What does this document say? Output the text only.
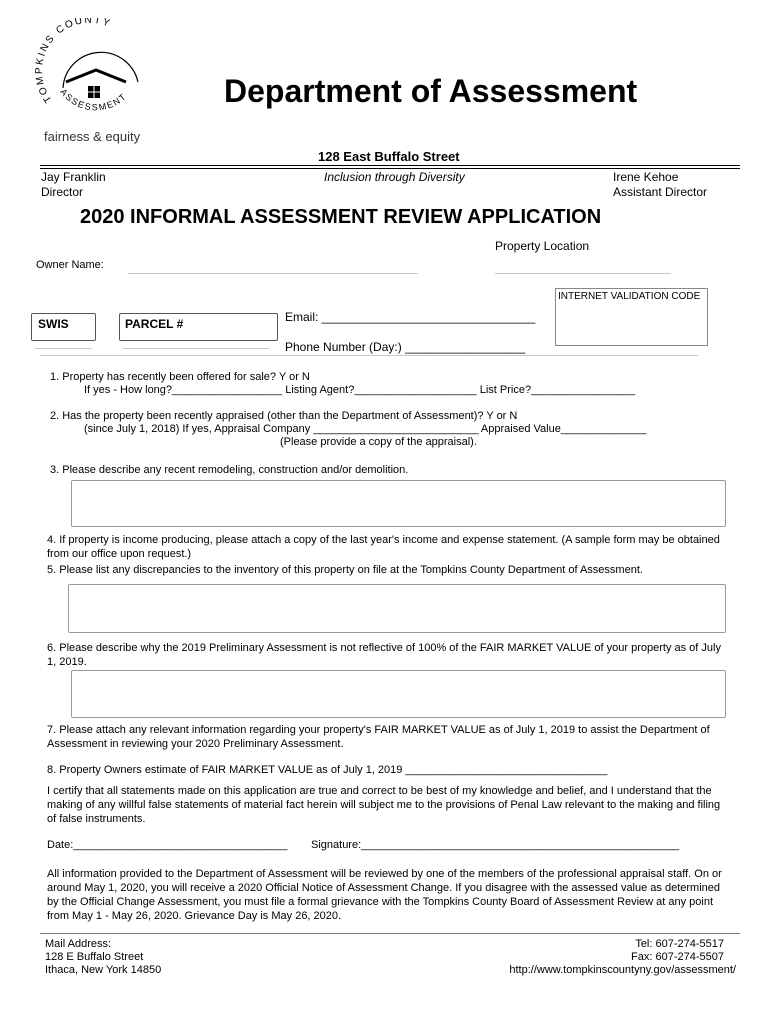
TOMPKINS COUNTY
ASSESSMENT
fairness & equity
Department of Assessment
128 East Buffalo Street
Jay Franklin
Director
Inclusion through Diversity	Irene Kehoe
Assistant Director
2020 INFORMAL ASSESSMENT REVIEW APPLICATION
Property Location
Owner Name:
INTERNET VALIDATION CODE
SWIS	PARCEL #	Email: ________________________________
Phone Number (Day:) __________________
1. Property has recently been offered for sale? Y or N
If yes - How long?__________________ Listing Agent?____________________ List Price?_________________
2. Has the property been recently appraised (other than the Department of Assessment)? Y or N
(since July 1, 2018) If yes, Appraisal Company ___________________________ Appraised Value______________
(Please provide a copy of the appraisal).
3. Please describe any recent remodeling, construction and/or demolition.
4. If property is income producing, please attach a copy of the last year's income and expense statement. (A sample form may be obtained from our office upon request.)
5. Please list any discrepancies to the inventory of this property on file at the Tompkins County Department of Assessment.
6. Please describe why the 2019 Preliminary Assessment is not reflective of 100% of the FAIR MARKET VALUE of your property as of July 1, 2019.
7. Please attach any relevant information regarding your property's FAIR MARKET VALUE as of July 1, 2019 to assist the Department of Assessment in reviewing your 2020 Preliminary Assessment.
8. Property Owners estimate of FAIR MARKET VALUE as of July 1, 2019 _________________________________
I certify that all statements made on this application are true and correct to be best of my knowledge and belief, and I understand that the making of any willful false statements of material fact herein will subject me to the provisions of Penal Law relevant to the making and filing of false instruments.
Date:___________________________________ Signature:____________________________________________________
All information provided to the Department of Assessment will be reviewed by one of the members of the professional appraisal staff. On or around May 1, 2020, you will receive a 2020 Official Notice of Assessment Change. If you disagree with the assessed value as determined by the Official Change Assessment, you must file a formal grievance with the Tompkins County Board of Assessment Review at any point from May 1 - May 26, 2020. Grievance Day is May 26, 2020.
Mail Address:
128 E Buffalo Street
Ithaca, New York 14850
Tel: 607-274-5517
Fax: 607-274-5507
http://www.tompkinscountyny.gov/assessment/
